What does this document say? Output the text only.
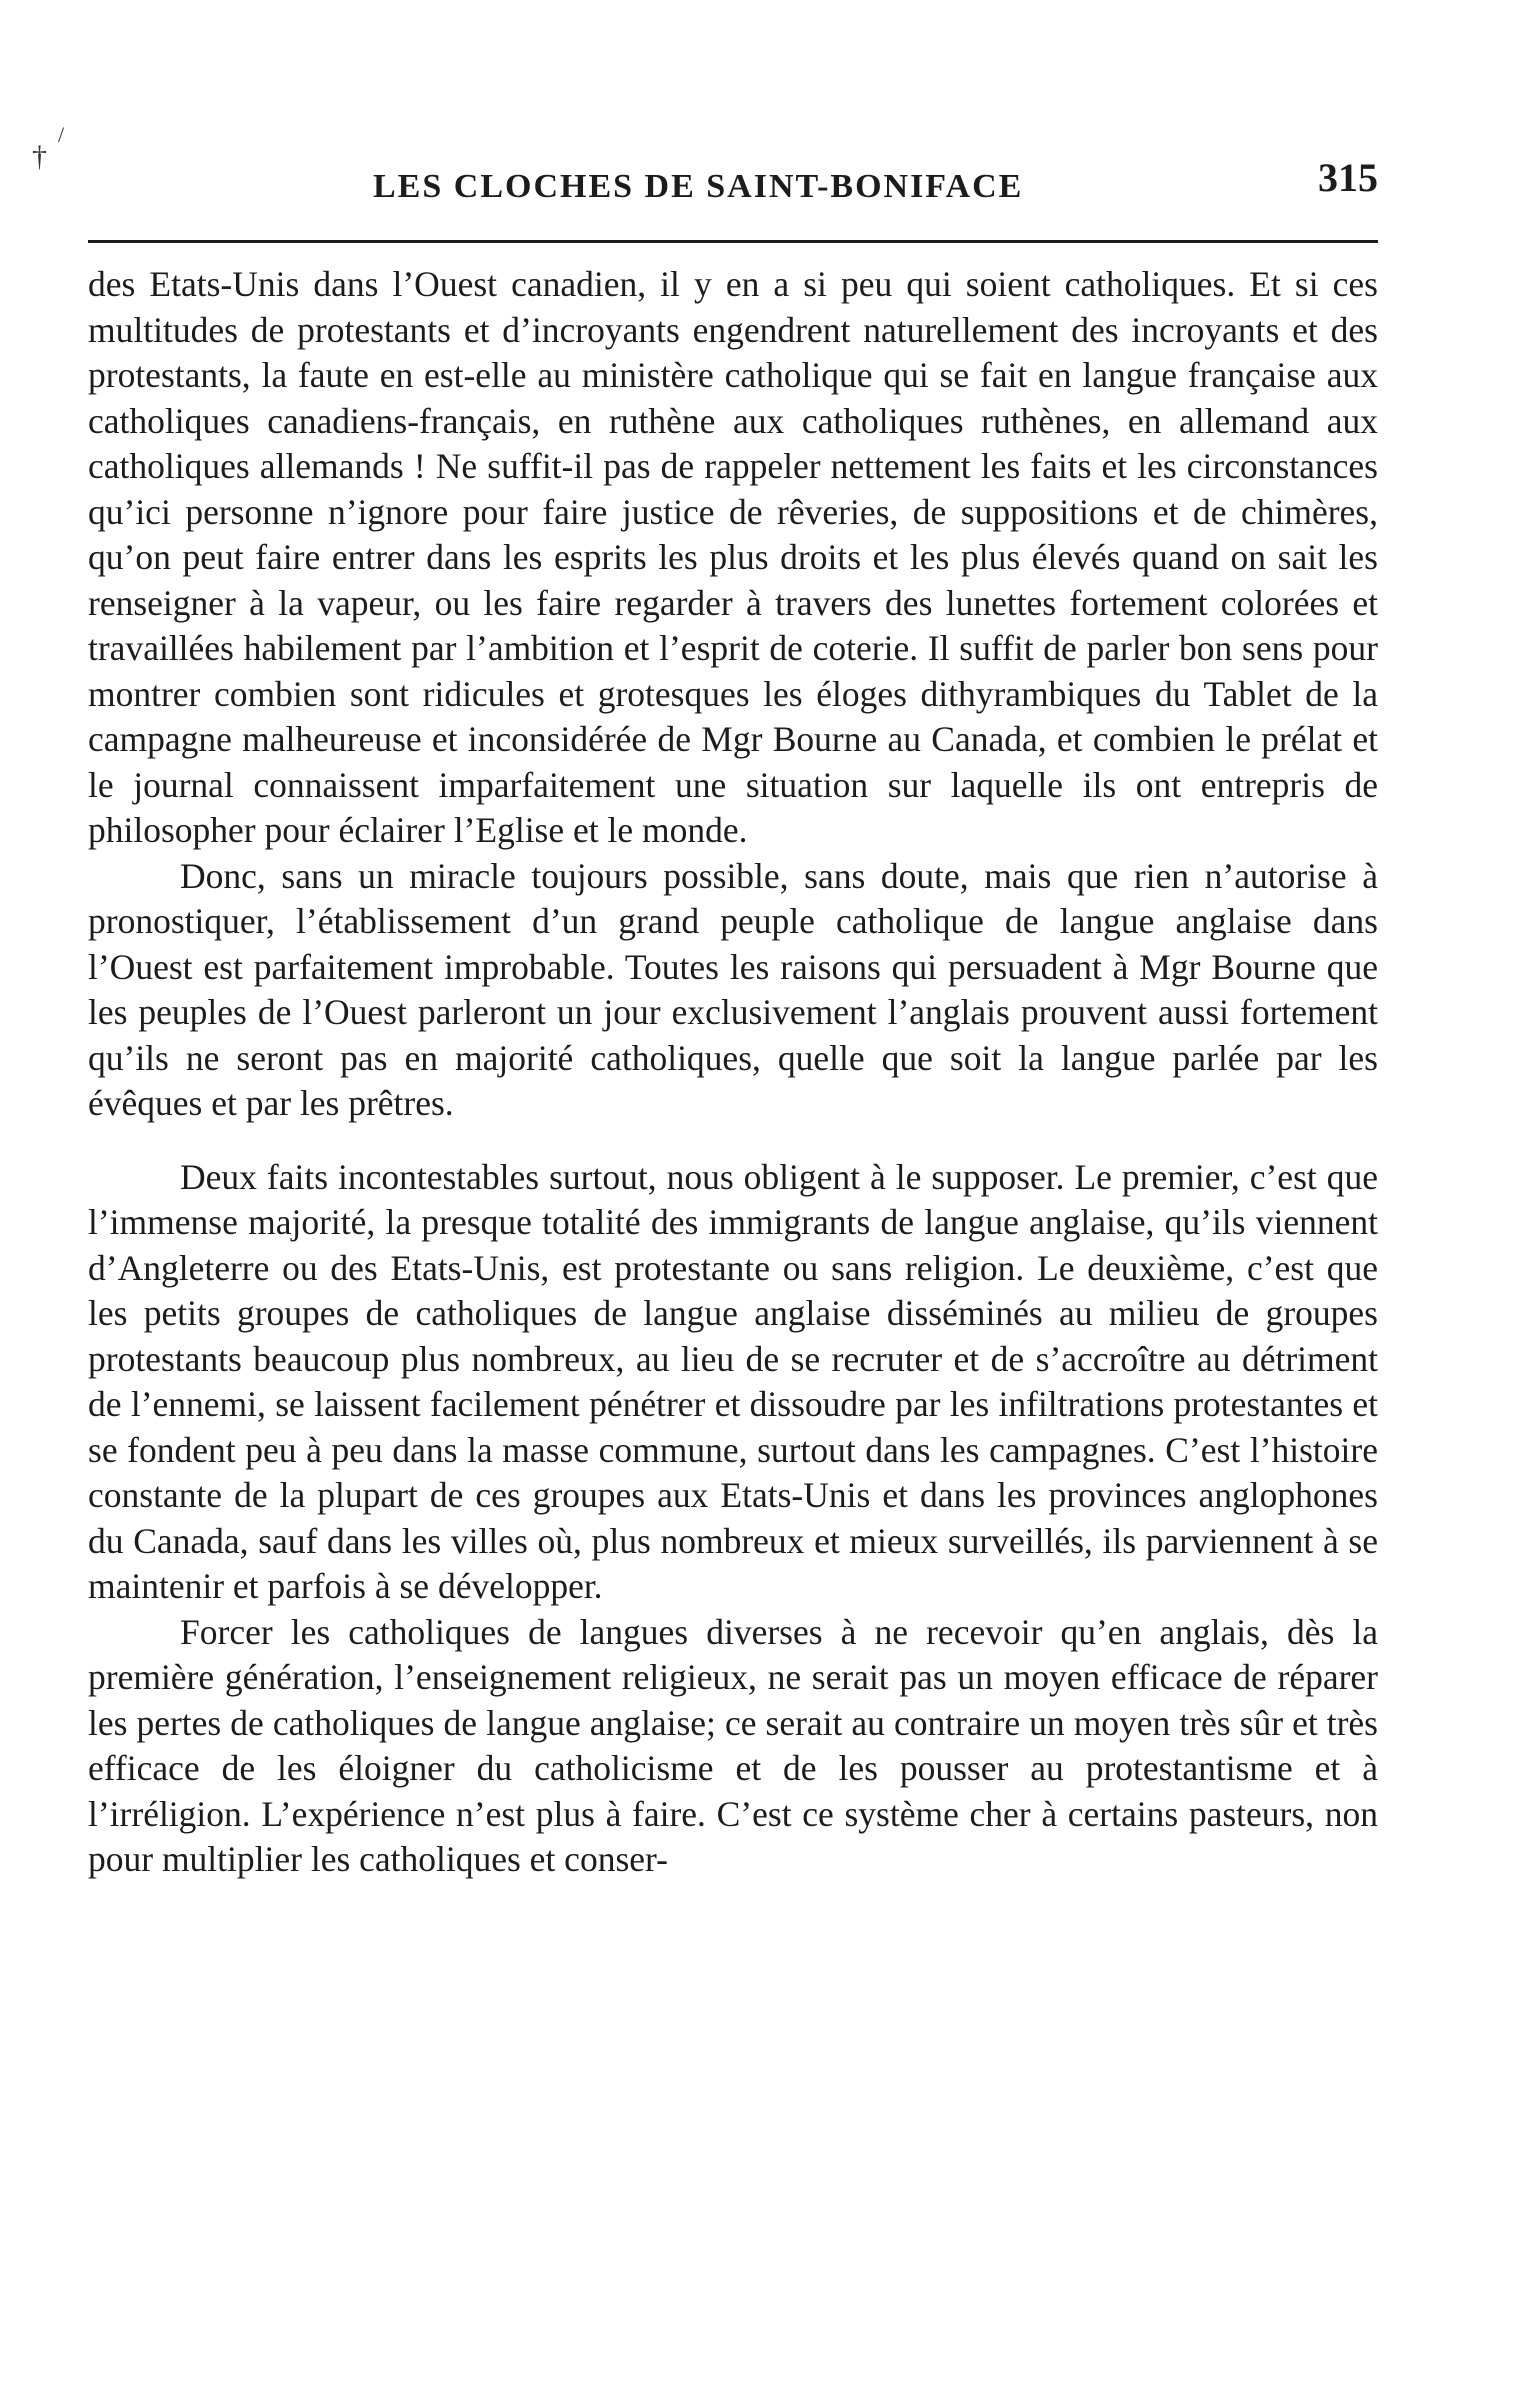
†
/
LES CLOCHES DE SAINT-BONIFACE	315

des Etats-Unis dans l’Ouest canadien, il y en a si peu qui soient catholiques. Et si ces multitudes de protestants et d’incroyants engendrent naturellement des incroyants et des protestants, la faute en est-elle au ministère catholique qui se fait en langue française aux catholiques canadiens-français, en ruthène aux catholiques ruthènes, en allemand aux catholiques allemands ! Ne suffit-il pas de rappeler nettement les faits et les circonstances qu’ici personne n’ignore pour faire justice de rêveries, de suppositions et de chimères, qu’on peut faire entrer dans les esprits les plus droits et les plus élevés quand on sait les renseigner à la vapeur, ou les faire regarder à travers des lunettes fortement colorées et travaillées habilement par l’ambition et l’esprit de coterie. Il suffit de parler bon sens pour montrer combien sont ridicules et grotesques les éloges dithyrambiques du Tablet de la campagne malheureuse et inconsidérée de Mgr Bourne au Canada, et combien le prélat et le journal connaissent imparfaitement une situation sur laquelle ils ont entrepris de philosopher pour éclairer l’Eglise et le monde.

Donc, sans un miracle toujours possible, sans doute, mais que rien n’autorise à pronostiquer, l’établissement d’un grand peuple catholique de langue anglaise dans l’Ouest est parfaitement improbable. Toutes les raisons qui persuadent à Mgr Bourne que les peuples de l’Ouest parleront un jour exclusivement l’anglais prouvent aussi fortement qu’ils ne seront pas en majorité catholiques, quelle que soit la langue parlée par les évêques et par les prêtres.

Deux faits incontestables surtout, nous obligent à le supposer. Le premier, c’est que l’immense majorité, la presque totalité des immigrants de langue anglaise, qu’ils viennent d’Angleterre ou des Etats-Unis, est protestante ou sans religion. Le deuxième, c’est que les petits groupes de catholiques de langue anglaise disséminés au milieu de groupes protestants beaucoup plus nombreux, au lieu de se recruter et de s’accroître au détriment de l’ennemi, se laissent facilement pénétrer et dissoudre par les infiltrations protestantes et se fondent peu à peu dans la masse commune, surtout dans les campagnes. C’est l’histoire constante de la plupart de ces groupes aux Etats-Unis et dans les provinces anglophones du Canada, sauf dans les villes où, plus nombreux et mieux surveillés, ils parviennent à se maintenir et parfois à se développer.

Forcer les catholiques de langues diverses à ne recevoir qu’en anglais, dès la première génération, l’enseignement religieux, ne serait pas un moyen efficace de réparer les pertes de catholiques de langue anglaise; ce serait au contraire un moyen très sûr et très efficace de les éloigner du catholicisme et de les pousser au protestantisme et à l’irréligion. L’expérience n’est plus à faire. C’est ce système cher à certains pasteurs, non pour multiplier les catholiques et conser-
